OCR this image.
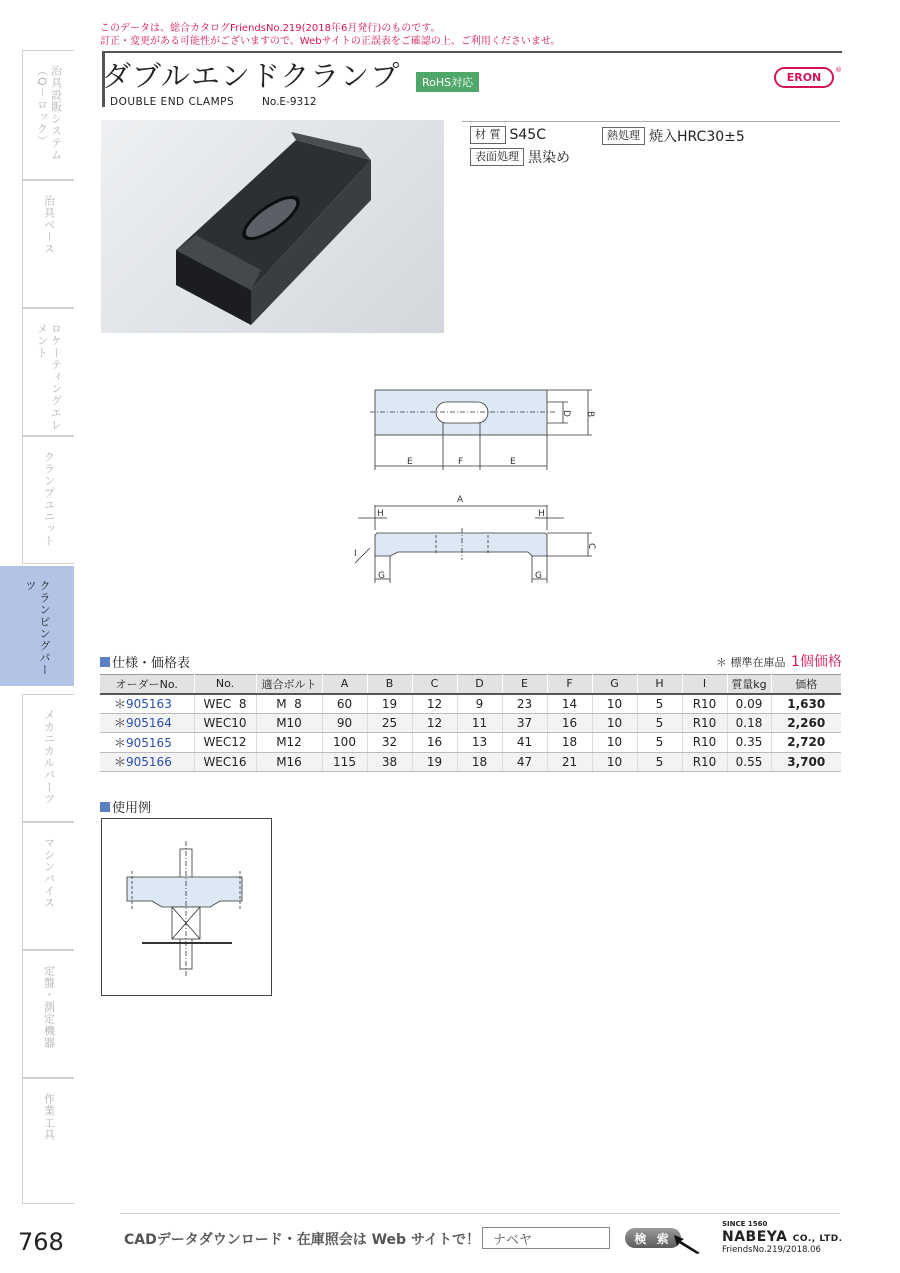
このデータは、総合カタログFriendsNo.219(2018年6月発行)のものです。
訂正・変更がある可能性がございますので、Webサイトの正誤表をご確認の上、ご利用くださいませ。
治具設販システム（Q－ロック）
治具ベース
ロケーティングエレメント
クランプユニット
クランピングパーツ
メカニカルパーツ
マシンバイス
定盤・測定機器
作業工具
ダブルエンドクランプ	RoHS対応	ERON
®
DOUBLE END CLAMPS	No.E-9312
材 質 S45C	熱処理 焼入HRC30±5
表面処理 黒染め
E	F	E
D B
A
H	H
C
I
G	G
仕様・価格表	＊ 標準在庫品 1個価格
オーダーNo.	No.	適合ボルト	A	B	C	D	E	F	G	H	I	質量kg	価格
＊905163	WEC  8	M  8	60	19	12	9	23	14	10	5	R10	0.09	1,630
＊905164	WEC10	M10	90	25	12	11	37	16	10	5	R10	0.18	2,260
＊905165	WEC12	M12	100	32	16	13	41	18	10	5	R10	0.35	2,720
＊905166	WEC16	M16	115	38	19	18	47	21	10	5	R10	0.55	3,700
使用例
768	CADデータダウンロード・在庫照会は Web サイトで！
ナベヤ	検 索
SINCE 1560
NABEYA CO., LTD.
FriendsNo.219/2018.06
